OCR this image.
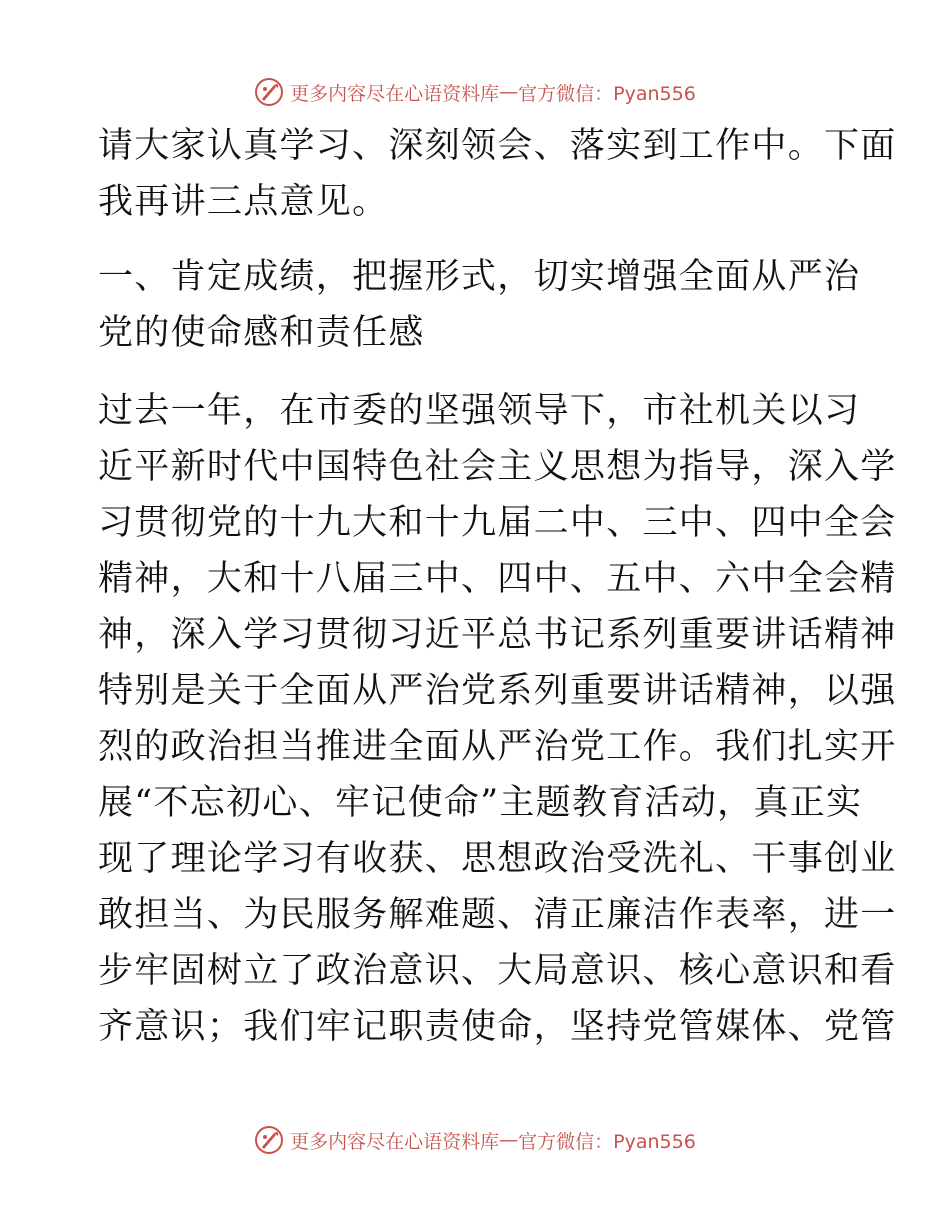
更多内容尽在心语资料库 — 官方微信：Pyan556
请大家认真学习、深刻领会、落实到工作中。下面
我再讲三点意见。
一、肯定成绩，把握形式，切实增强全面从严治
党的使命感和责任感
过去一年，在市委的坚强领导下，市社机关以习
近平新时代中国特色社会主义思想为指导，深入学
习贯彻党的十九大和十九届二中、三中、四中全会
精神，大和十八届三中、四中、五中、六中全会精
神，深入学习贯彻习近平总书记系列重要讲话精神
特别是关于全面从严治党系列重要讲话精神，以强
烈的政治担当推进全面从严治党工作。我们扎实开
展“不忘初心、牢记使命”主题教育活动，真正实
现了理论学习有收获、思想政治受洗礼、干事创业
敢担当、为民服务解难题、清正廉洁作表率，进一
步牢固树立了政治意识、大局意识、核心意识和看
齐意识；我们牢记职责使命，坚持党管媒体、党管
更多内容尽在心语资料库 — 官方微信：Pyan556
